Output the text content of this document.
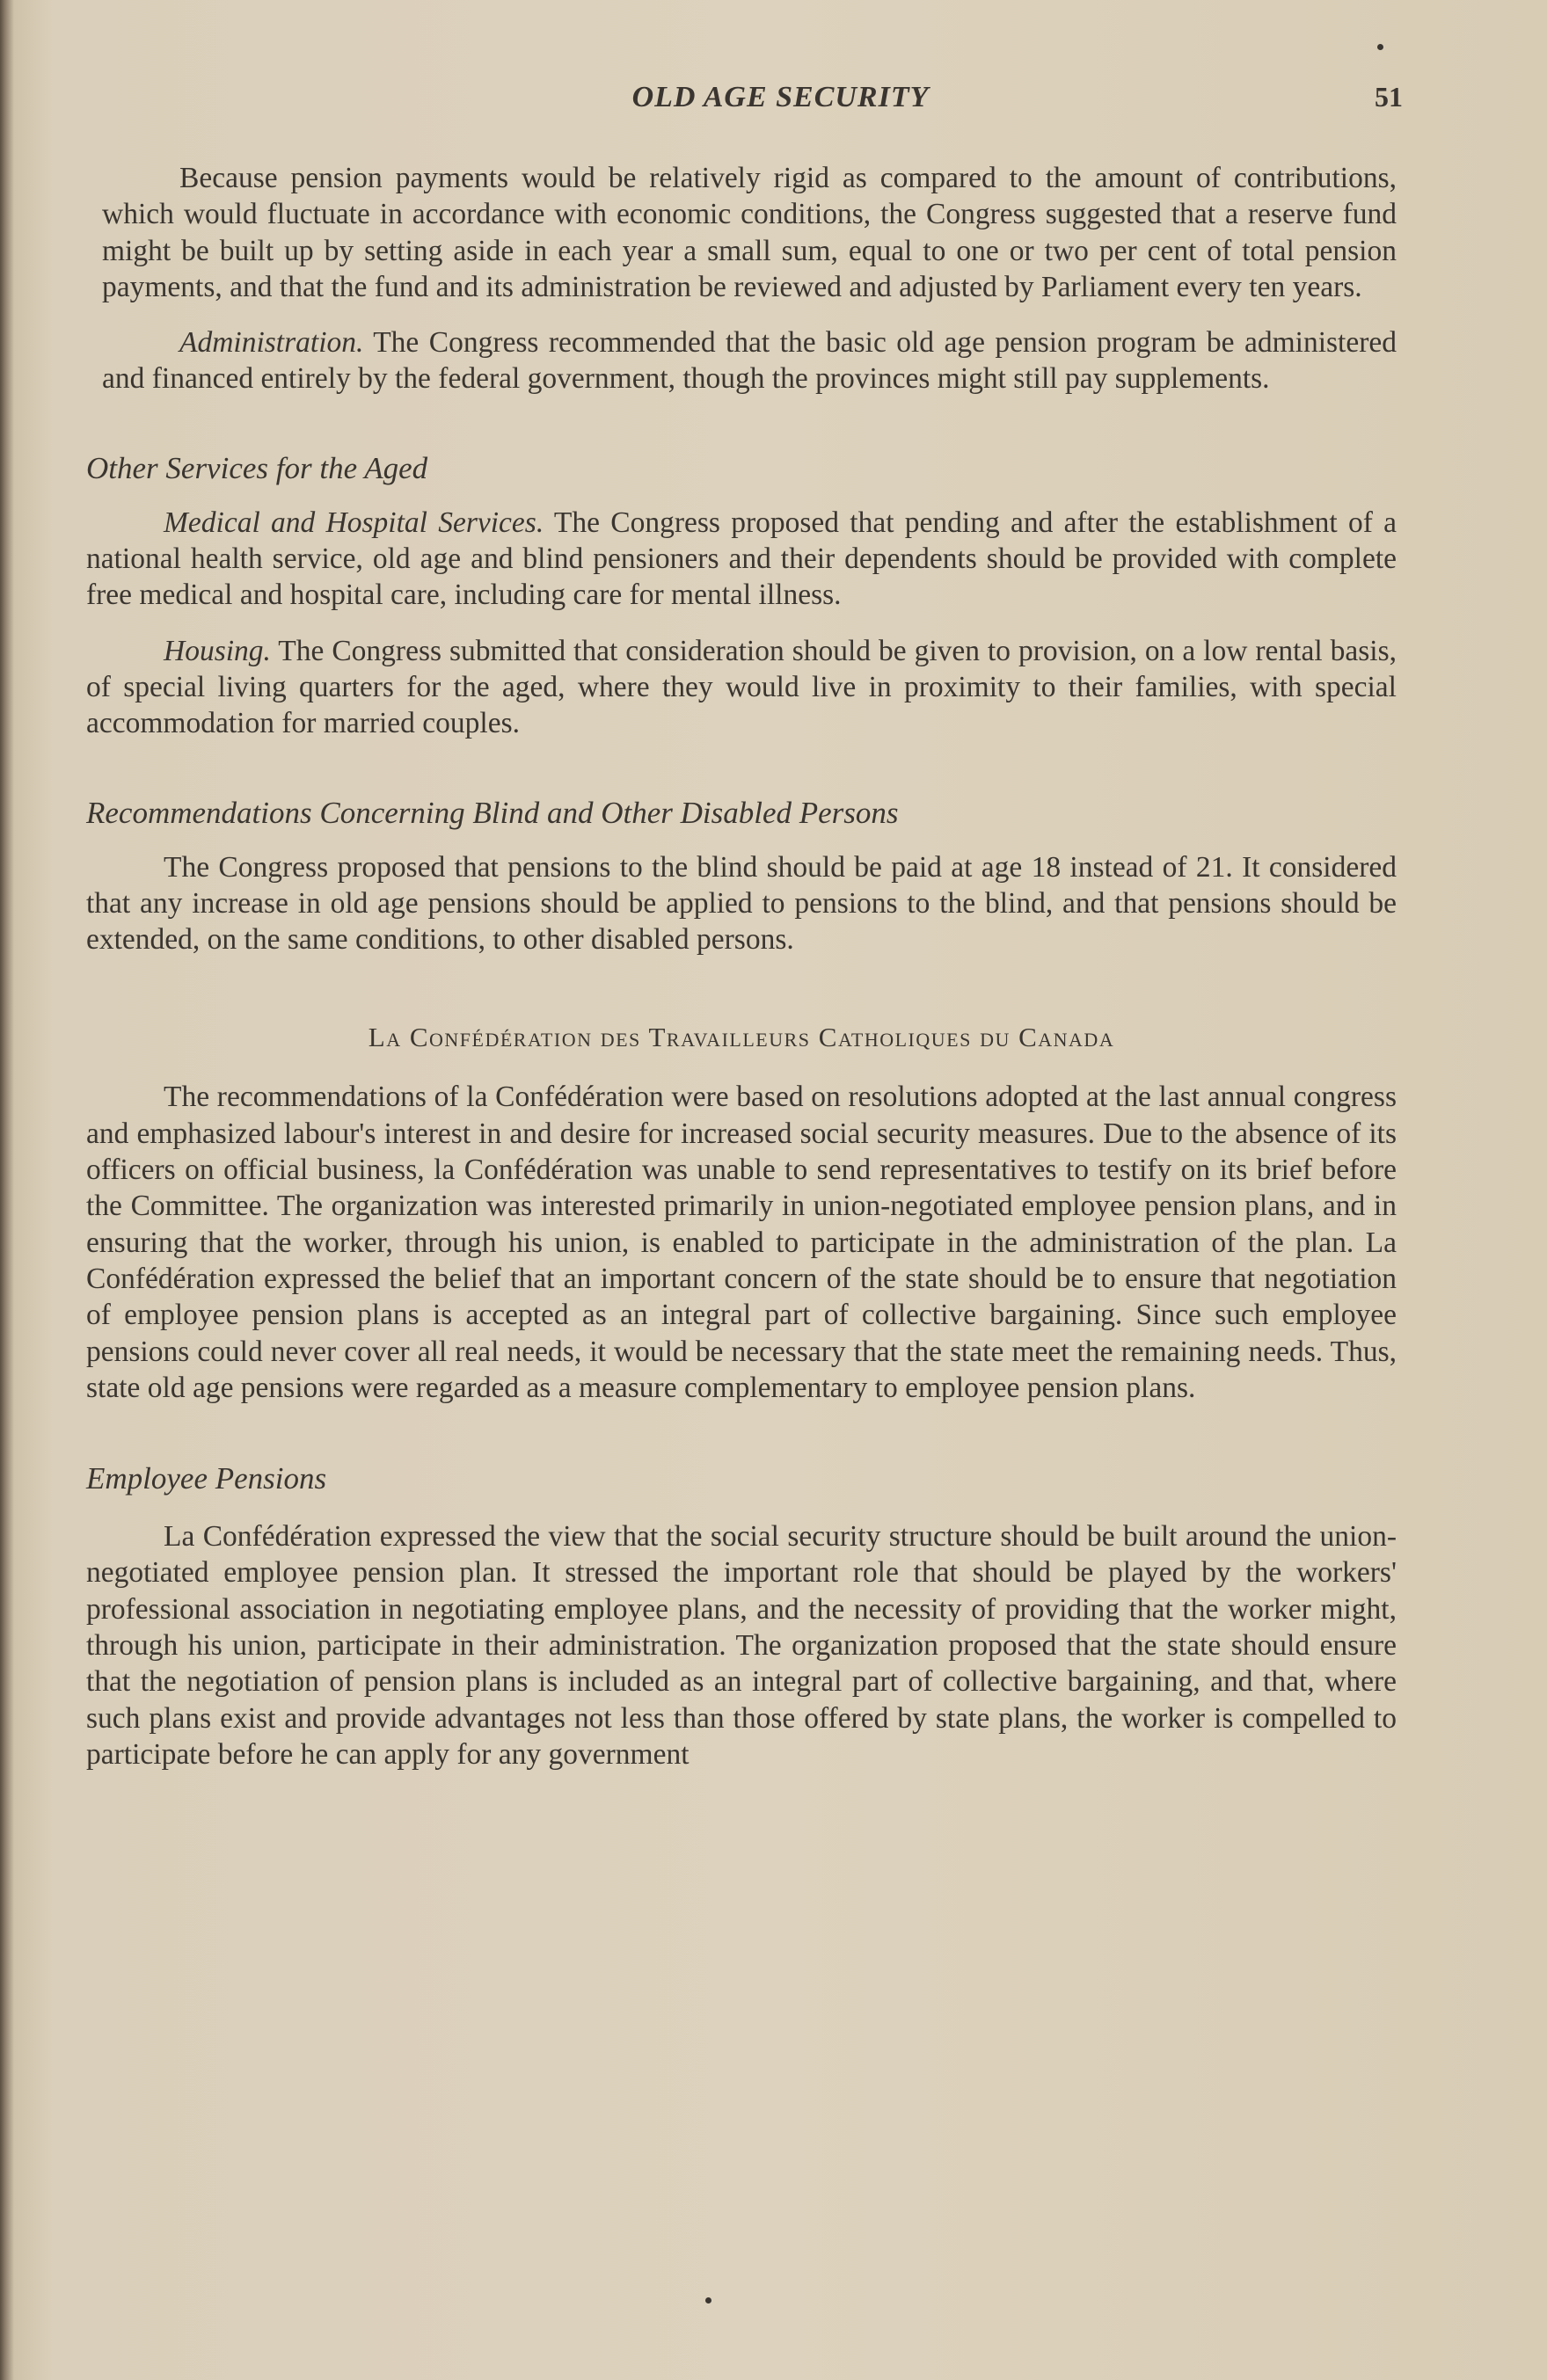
OLD AGE SECURITY	51

Because pension payments would be relatively rigid as compared to the amount of contributions, which would fluctuate in accordance with economic conditions, the Congress suggested that a reserve fund might be built up by setting aside in each year a small sum, equal to one or two per cent of total pension payments, and that the fund and its administration be reviewed and adjusted by Parliament every ten years.

Administration. The Congress recommended that the basic old age pension program be administered and financed entirely by the federal government, though the provinces might still pay supplements.

Other Services for the Aged

Medical and Hospital Services. The Congress proposed that pending and after the establishment of a national health service, old age and blind pensioners and their dependents should be provided with complete free medical and hospital care, including care for mental illness.

Housing. The Congress submitted that consideration should be given to provision, on a low rental basis, of special living quarters for the aged, where they would live in proximity to their families, with special accommodation for married couples.

Recommendations Concerning Blind and Other Disabled Persons

The Congress proposed that pensions to the blind should be paid at age 18 instead of 21. It considered that any increase in old age pensions should be applied to pensions to the blind, and that pensions should be extended, on the same conditions, to other disabled persons.

La Confédération des Travailleurs Catholiques du Canada

The recommendations of la Confédération were based on resolutions adopted at the last annual congress and emphasized labour's interest in and desire for increased social security measures. Due to the absence of its officers on official business, la Confédération was unable to send representatives to testify on its brief before the Committee. The organization was interested primarily in union-negotiated employee pension plans, and in ensuring that the worker, through his union, is enabled to participate in the administration of the plan. La Confédération expressed the belief that an important concern of the state should be to ensure that negotiation of employee pension plans is accepted as an integral part of collective bargaining. Since such employee pensions could never cover all real needs, it would be necessary that the state meet the remaining needs. Thus, state old age pensions were regarded as a measure complementary to employee pension plans.

Employee Pensions

La Confédération expressed the view that the social security structure should be built around the union-negotiated employee pension plan. It stressed the important role that should be played by the workers' professional association in negotiating employee plans, and the necessity of providing that the worker might, through his union, participate in their administration. The organization proposed that the state should ensure that the negotiation of pension plans is included as an integral part of collective bargaining, and that, where such plans exist and provide advantages not less than those offered by state plans, the worker is compelled to participate before he can apply for any government
